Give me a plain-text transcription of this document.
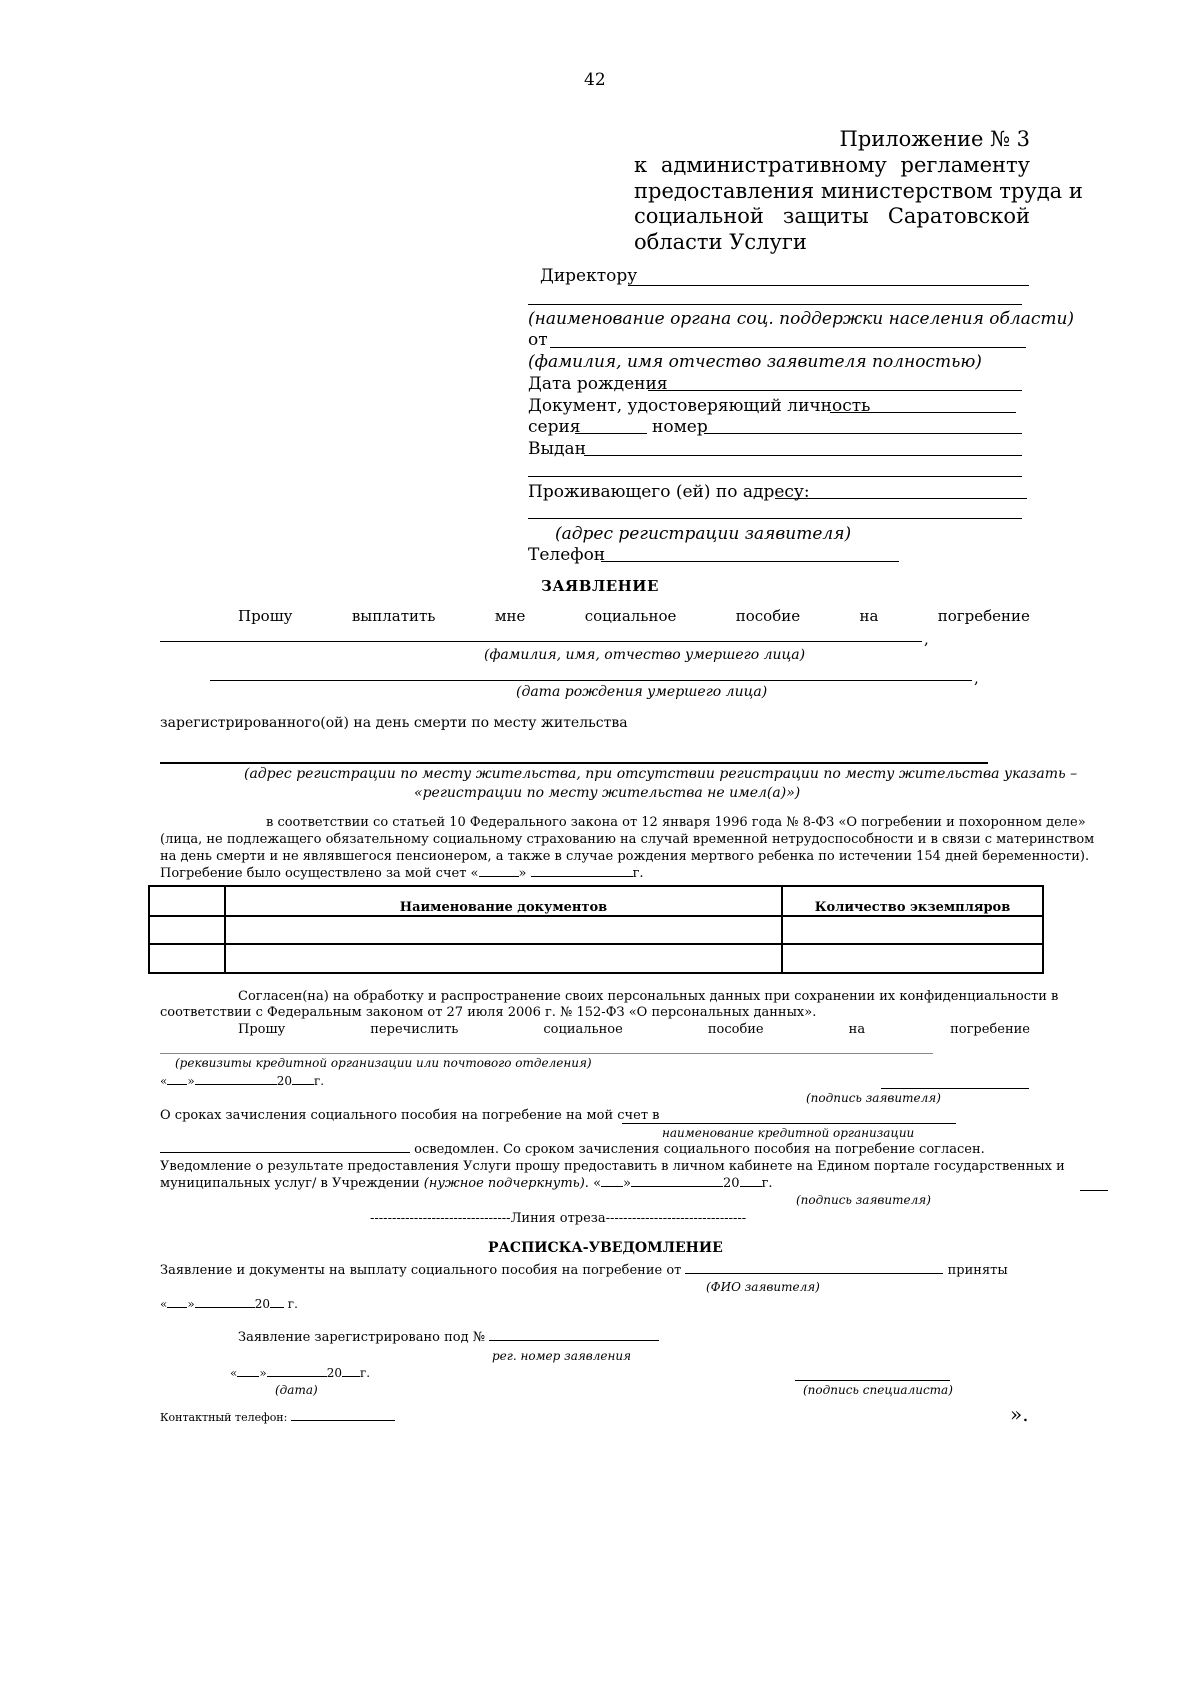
42
Приложение № 3
к административному регламенту
предоставления министерством труда и
социальной защиты Саратовской
области Услуги
Директору
(наименование органа соц. поддержки населения области)
от
(фамилия, имя отчество заявителя полностью)
Дата рождения
Документ, удостоверяющий личность
серия	номер
Выдан
Проживающего (ей) по адресу:
(адрес регистрации заявителя)
Телефон
ЗАЯВЛЕНИЕ
Прошу	выплатить	мне	социальное	пособие	на	погребение
,
(фамилия, имя, отчество умершего лица)
,
(дата рождения умершего лица)
зарегистрированного(ой) на день смерти по месту жительства
(адрес регистрации по месту жительства, при отсутствии регистрации по месту жительства указать –
«регистрации по месту жительства не имел(а)»)
в соответствии со статьей 10 Федерального закона от 12 января 1996 года № 8-ФЗ «О погребении и похоронном деле»
(лица, не подлежащего обязательному социальному страхованию на случай временной нетрудоспособности и в связи с материнством
на день смерти и не являвшегося пенсионером, а также в случае рождения мертвого ребенка по истечении 154 дней беременности).
Погребение было осуществлено за мой счет «	»	г.
	Наименование документов	Количество экземпляров

Согласен(на) на обработку и распространение своих персональных данных при сохранении их конфиденциальности в
соответствии с Федеральным законом от 27 июля 2006 г. № 152-ФЗ «О персональных данных».
Прошу	перечислить	социальное	пособие	на	погребение
(реквизиты кредитной организации или почтового отделения)
« »	20 г.
(подпись заявителя)
О сроках зачисления социального пособия на погребение на мой счет в
наименование кредитной организации
осведомлен. Со сроком зачисления социального пособия на погребение согласен.
Уведомление о результате предоставления Услуги прошу предоставить в личном кабинете на Едином портале государственных и
муниципальных услуг/ в Учреждении (нужное подчеркнуть). « »	20 г.
(подпись заявителя)
--------------------------------Линия отреза--------------------------------
РАСПИСКА-УВЕДОМЛЕНИЕ
Заявление и документы на выплату социального пособия на погребение от	приняты
(ФИО заявителя)
« »	20 г.
Заявление зарегистрировано под №
рег. номер заявления
« »	20 г.
(дата)	(подпись специалиста)
Контактный телефон:	».
